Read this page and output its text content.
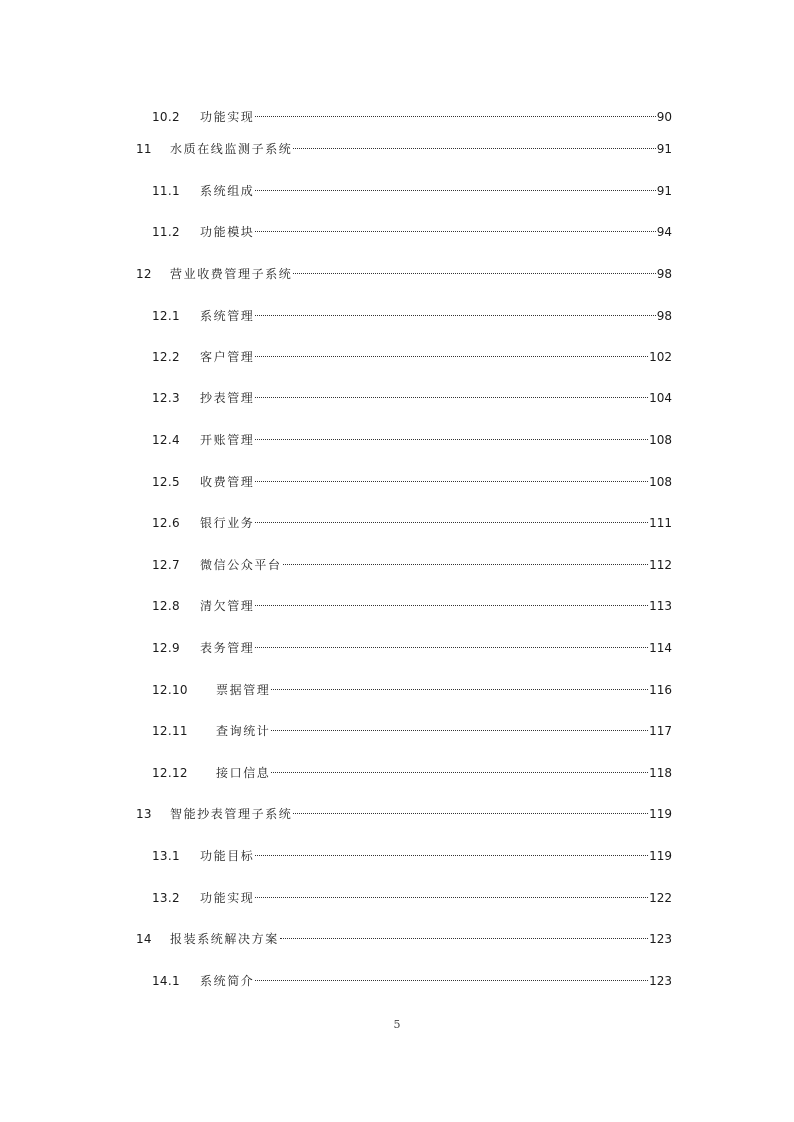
10.2	功能实现	90
11	水质在线监测子系统	91
11.1	系统组成	91
11.2	功能模块	94
12	营业收费管理子系统	98
12.1	系统管理	98
12.2	客户管理	102
12.3	抄表管理	104
12.4	开账管理	108
12.5	收费管理	108
12.6	银行业务	111
12.7	微信公众平台	112
12.8	清欠管理	113
12.9	表务管理	114
12.10	票据管理	116
12.11	查询统计	117
12.12	接口信息	118
13	智能抄表管理子系统	119
13.1	功能目标	119
13.2	功能实现	122
14	报装系统解决方案	123
14.1	系统简介	123
5
